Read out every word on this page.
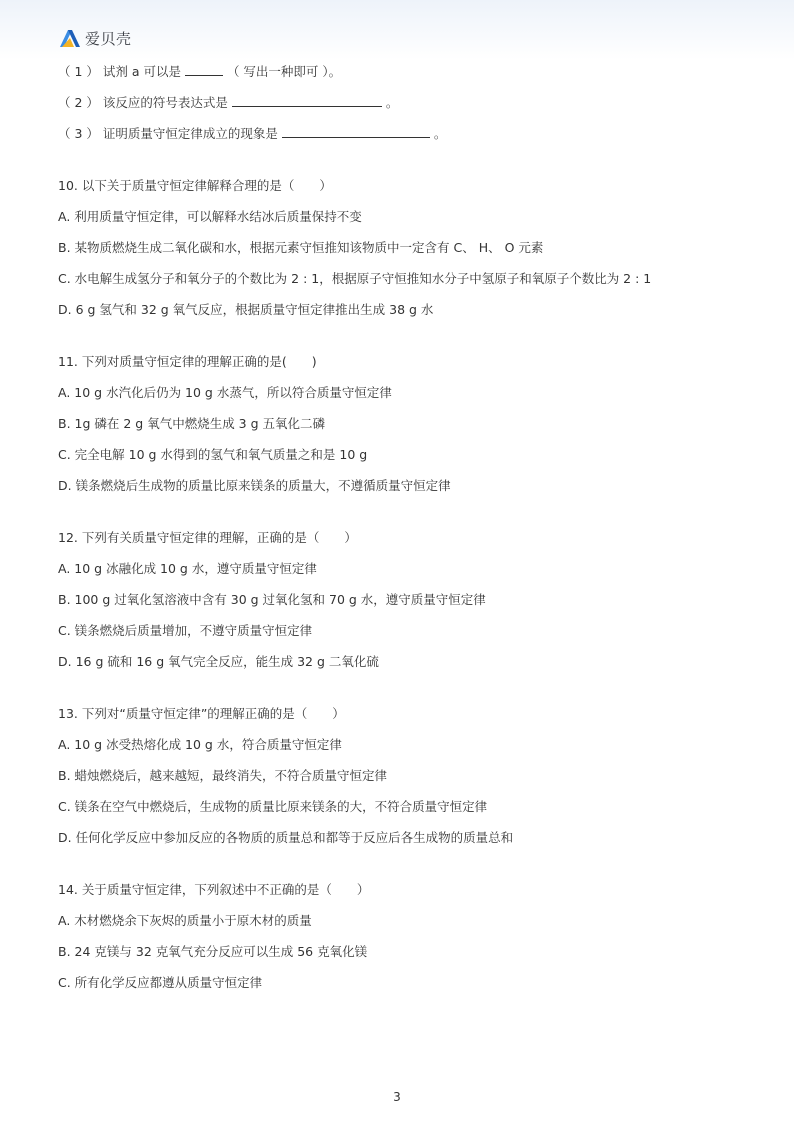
爱贝壳
（ 1 ） 试剂 a 可以是	（ 写出一种即可 ）。
（ 2 ） 该反应的符号表达式是	。
（ 3 ） 证明质量守恒定律成立的现象是	。
10. 以下关于质量守恒定律解释合理的是（　　）
A. 利用质量守恒定律，可以解释水结冰后质量保持不变
B. 某物质燃烧生成二氧化碳和水，根据元素守恒推知该物质中一定含有 C、 H、 O 元素
C. 水电解生成氢分子和氧分子的个数比为 2 : 1，根据原子守恒推知水分子中氢原子和氧原子个数比为 2 : 1
D. 6 g 氢气和 32 g 氧气反应，根据质量守恒定律推出生成 38 g 水
11. 下列对质量守恒定律的理解正确的是(　　)
A. 10 g 水汽化后仍为 10 g 水蒸气，所以符合质量守恒定律
B. 1g 磷在 2 g 氧气中燃烧生成 3 g 五氧化二磷
C. 完全电解 10 g 水得到的氢气和氧气质量之和是 10 g
D. 镁条燃烧后生成物的质量比原来镁条的质量大，不遵循质量守恒定律
12. 下列有关质量守恒定律的理解，正确的是（　　）
A. 10 g 冰融化成 10 g 水，遵守质量守恒定律
B. 100 g 过氧化氢溶液中含有 30 g 过氧化氢和 70 g 水，遵守质量守恒定律
C. 镁条燃烧后质量增加，不遵守质量守恒定律
D. 16 g 硫和 16 g 氧气完全反应，能生成 32 g 二氧化硫
13. 下列对“质量守恒定律”的理解正确的是（　　）
A. 10 g 冰受热熔化成 10 g 水，符合质量守恒定律
B. 蜡烛燃烧后，越来越短，最终消失，不符合质量守恒定律
C. 镁条在空气中燃烧后，生成物的质量比原来镁条的大，不符合质量守恒定律
D. 任何化学反应中参加反应的各物质的质量总和都等于反应后各生成物的质量总和
14. 关于质量守恒定律，下列叙述中不正确的是（　　）
A. 木材燃烧余下灰烬的质量小于原木材的质量
B. 24 克镁与 32 克氧气充分反应可以生成 56 克氧化镁
C. 所有化学反应都遵从质量守恒定律
3
